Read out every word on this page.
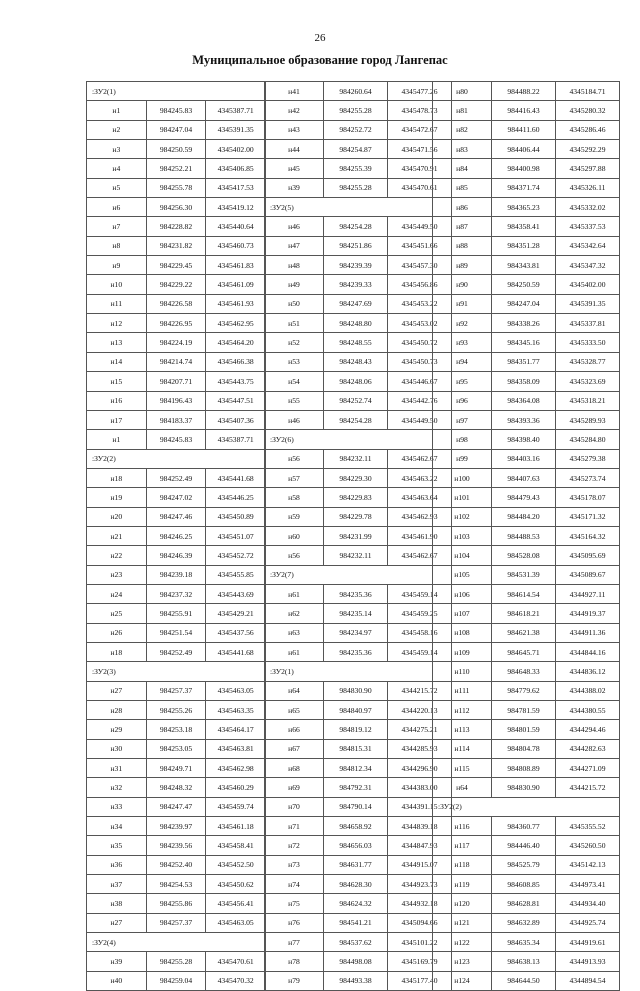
26
Муниципальное образование город Лангепас
:ЗУ2(1)		
н1	984245.83	4345387.71
н2	984247.04	4345391.35
н3	984250.59	4345402.00
н4	984252.21	4345406.85
н5	984255.78	4345417.53
н6	984256.30	4345419.12
н7	984228.82	4345440.64
н8	984231.82	4345460.73
н9	984229.45	4345461.83
н10	984229.22	4345461.09
н11	984226.58	4345461.93
н12	984226.95	4345462.95
н13	984224.19	4345464.20
н14	984214.74	4345466.38
н15	984207.71	4345443.75
н16	984196.43	4345447.51
н17	984183.37	4345407.36
н1	984245.83	4345387.71
:ЗУ2(2)		
н18	984252.49	4345441.68
н19	984247.02	4345446.25
н20	984247.46	4345450.89
н21	984246.25	4345451.07
н22	984246.39	4345452.72
н23	984239.18	4345455.85
н24	984237.32	4345443.69
н25	984255.91	4345429.21
н26	984251.54	4345437.56
н18	984252.49	4345441.68
:ЗУ2(3)		
н27	984257.37	4345463.05
н28	984255.26	4345463.35
н29	984253.18	4345464.17
н30	984253.05	4345463.81
н31	984249.71	4345462.98
н32	984248.32	4345460.29
н33	984247.47	4345459.74
н34	984239.97	4345461.18
н35	984239.56	4345458.41
н36	984252.40	4345452.50
н37	984254.53	4345450.62
н38	984255.86	4345456.41
н27	984257.37	4345463.05
:ЗУ2(4)		
н39	984255.28	4345470.61
н40	984259.04	4345470.32
н41	984260.64	4345477.26
н42	984255.28	4345478.73
н43	984252.72	4345472.67
н44	984254.87	4345471.56
н45	984255.39	4345470.91
н39	984255.28	4345470.61
:ЗУ2(5)		
н46	984254.28	4345449.50
н47	984251.86	4345451.66
н48	984239.39	4345457.30
н49	984239.33	4345456.86
н50	984247.69	4345453.22
н51	984248.80	4345453.02
н52	984248.55	4345450.72
н53	984248.43	4345450.73
н54	984248.06	4345446.67
н55	984252.74	4345442.76
н46	984254.28	4345449.50
:ЗУ2(6)		
н56	984232.11	4345462.67
н57	984229.30	4345463.22
н58	984229.83	4345463.64
н59	984229.78	4345462.93
н60	984231.99	4345461.90
н56	984232.11	4345462.67
:ЗУ2(7)		
н61	984235.36	4345459.14
н62	984235.14	4345459.25
н63	984234.97	4345458.16
н61	984235.36	4345459.14
:ЗУ2(1)		
н64	984830.90	4344215.72
н65	984840.97	4344220.13
н66	984819.12	4344275.21
н67	984815.31	4344285.93
н68	984812.34	4344296.90
н69	984792.31	4344383.00
н70	984790.14	4344391.15
н71	984658.92	4344839.18
н72	984656.03	4344847.93
н73	984631.77	4344915.07
н74	984628.30	4344923.73
н75	984624.32	4344932.18
н76	984541.21	4345094.66
н77	984537.62	4345101.22
н78	984498.08	4345169.79
н79	984493.38	4345177.40
н80	984488.22	4345184.71
н81	984416.43	4345280.32
н82	984411.60	4345286.46
н83	984406.44	4345292.29
н84	984400.98	4345297.88
н85	984371.74	4345326.11
н86	984365.23	4345332.02
н87	984358.41	4345337.53
н88	984351.28	4345342.64
н89	984343.81	4345347.32
н90	984250.59	4345402.00
н91	984247.04	4345391.35
н92	984338.26	4345337.81
н93	984345.16	4345333.50
н94	984351.77	4345328.77
н95	984358.09	4345323.69
н96	984364.08	4345318.21
н97	984393.36	4345289.93
н98	984398.40	4345284.80
н99	984403.16	4345279.38
н100	984407.63	4345273.74
н101	984479.43	4345178.07
н102	984484.20	4345171.32
н103	984488.53	4345164.32
н104	984528.08	4345095.69
н105	984531.39	4345089.67
н106	984614.54	4344927.11
н107	984618.21	4344919.37
н108	984621.38	4344911.36
н109	984645.71	4344844.16
н110	984648.33	4344836.12
н111	984779.62	4344388.02
н112	984781.59	4344380.55
н113	984801.59	4344294.46
н114	984804.78	4344282.63
н115	984808.89	4344271.09
н64	984830.90	4344215.72
:ЗУ2(2)		
н116	984360.77	4345355.52
н117	984446.40	4345260.50
н118	984525.79	4345142.13
н119	984608.85	4344973.41
н120	984628.81	4344934.40
н121	984632.89	4344925.74
н122	984635.34	4344919.61
н123	984638.13	4344913.93
н124	984644.50	4344894.54
